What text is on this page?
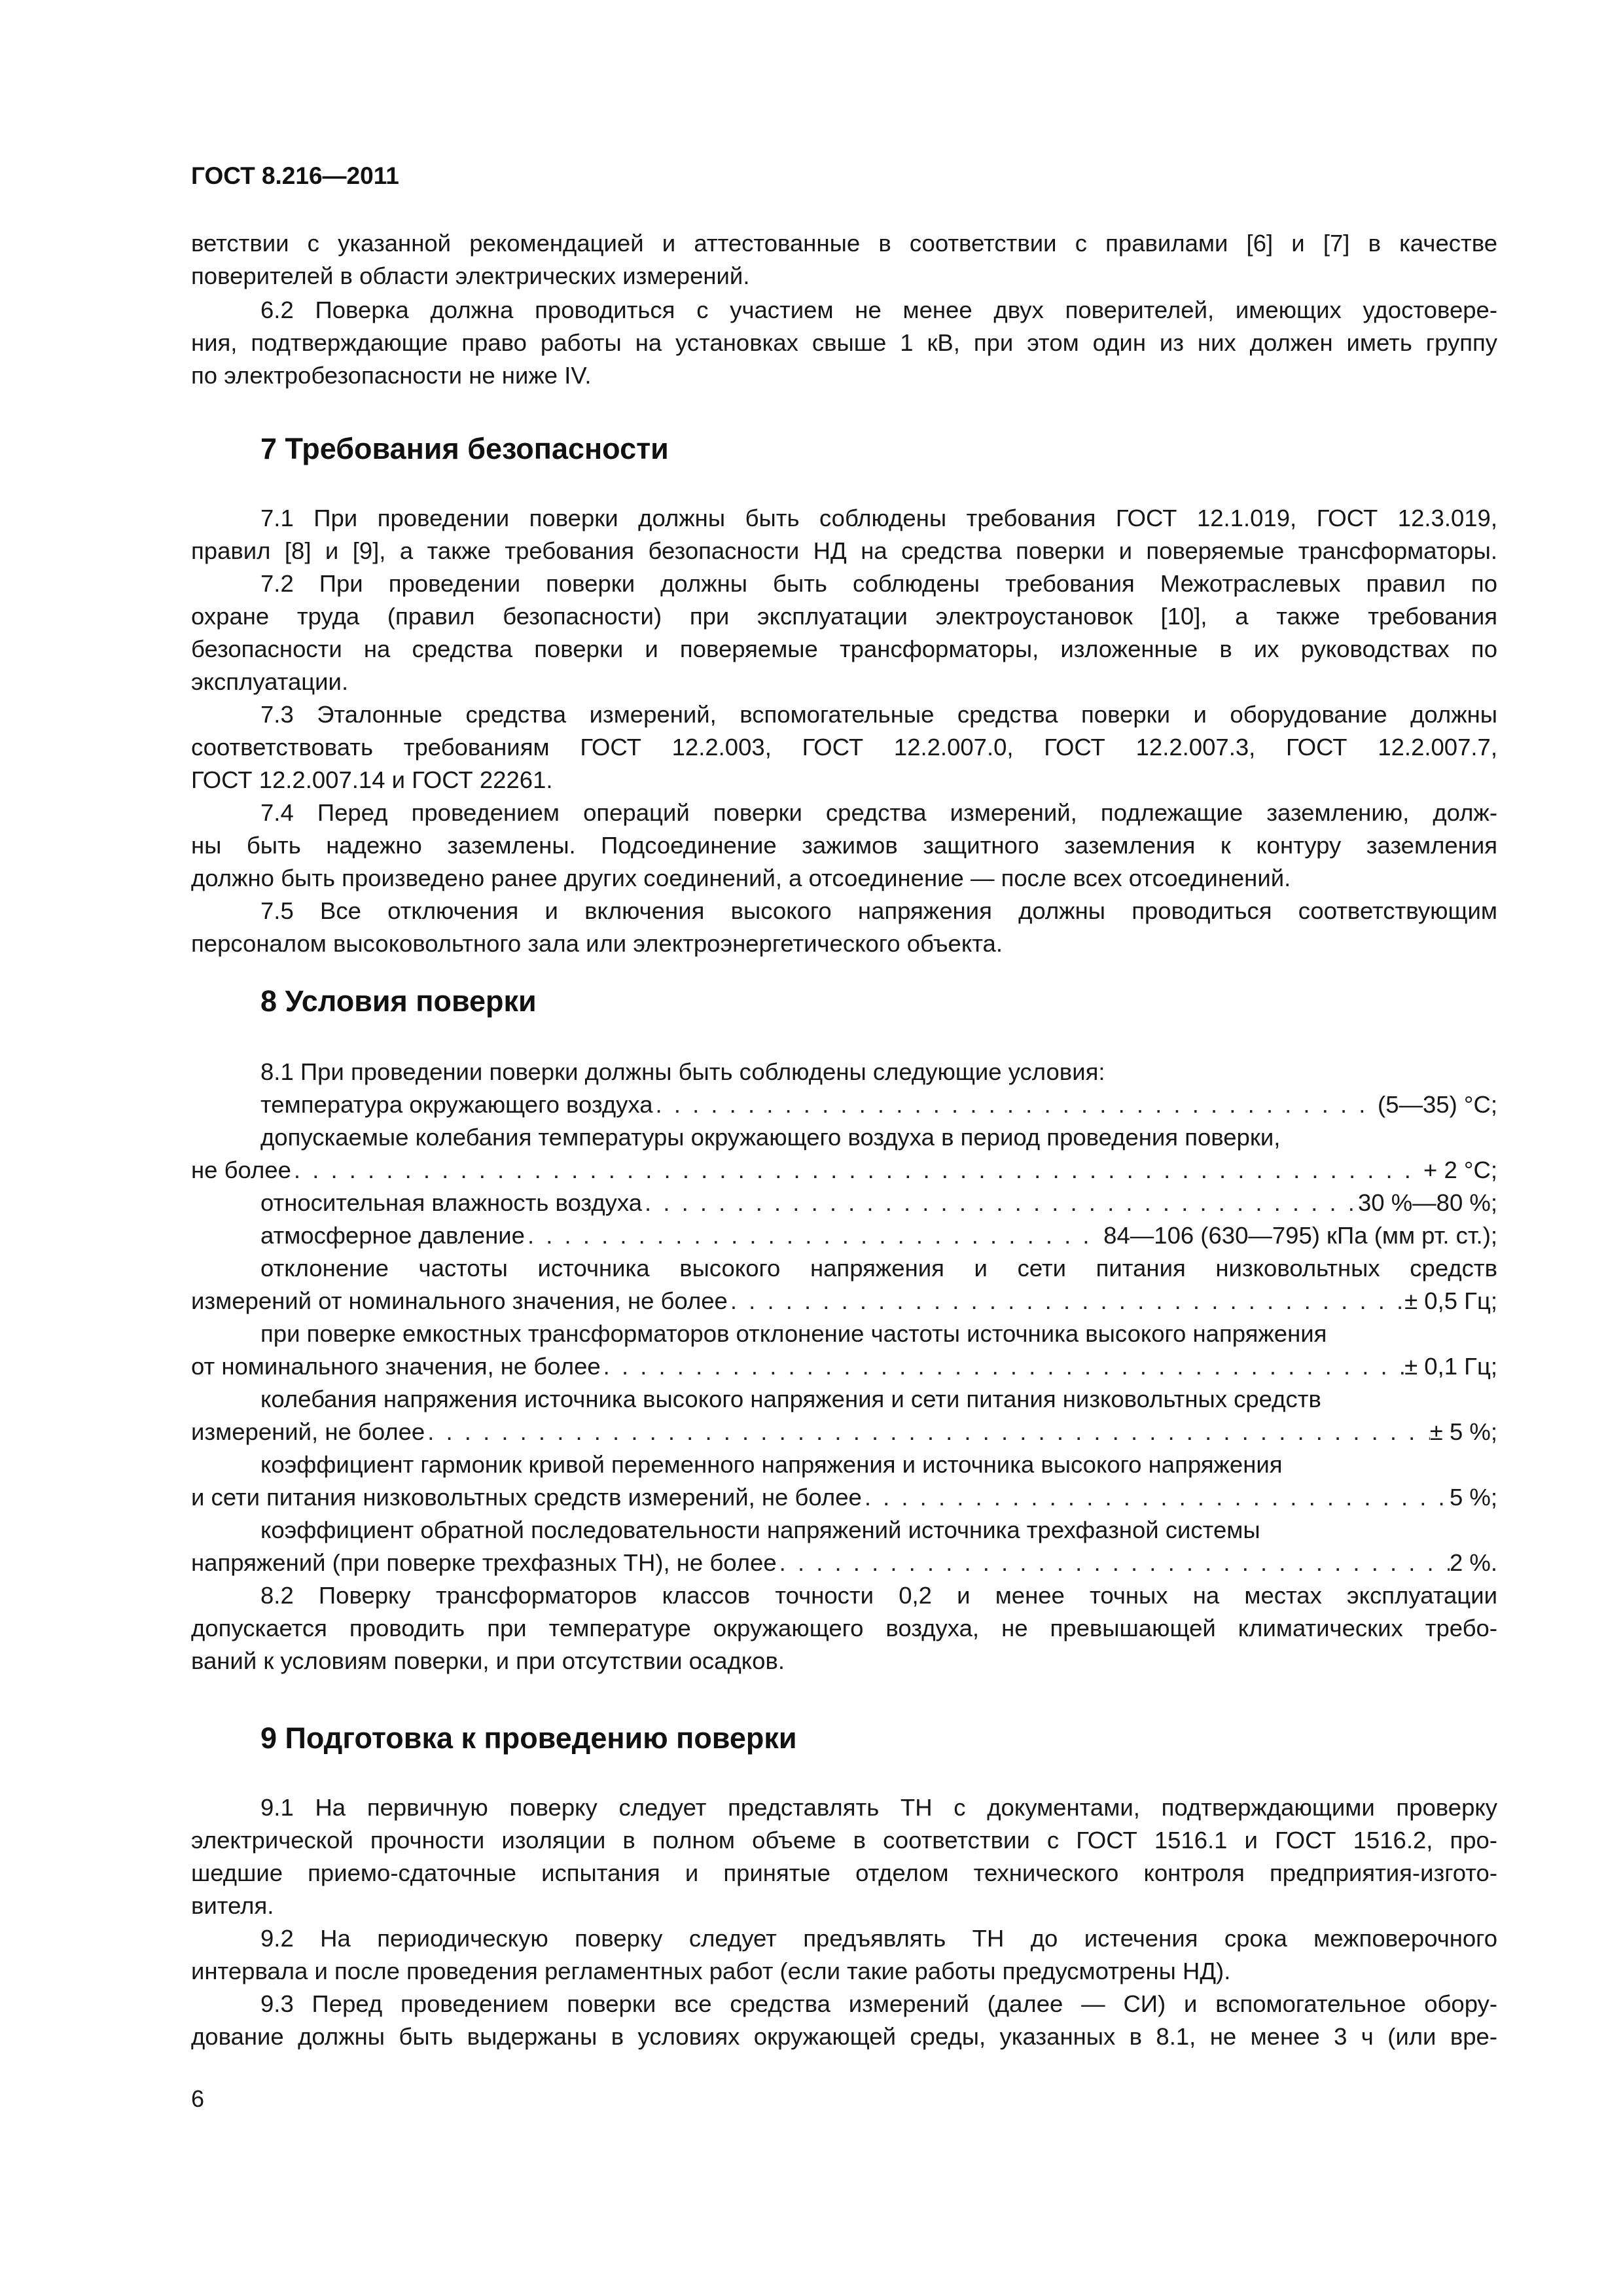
ГОСТ 8.216—2011
ветствии с указанной рекомендацией и аттестованные в соответствии с правилами [6] и [7] в качестве
поверителей в области электрических измерений.
6.2 Поверка должна проводиться с участием не менее двух поверителей, имеющих удостовере-
ния, подтверждающие право работы на установках свыше 1 кВ, при этом один из них должен иметь группу
по электробезопасности не ниже IV.
7 Требования безопасности
7.1 При проведении поверки должны быть соблюдены требования ГОСТ 12.1.019, ГОСТ 12.3.019,
правил [8] и [9], а также требования безопасности НД на средства поверки и поверяемые трансформаторы.
7.2 При проведении поверки должны быть соблюдены требования Межотраслевых правил по
охране труда (правил безопасности) при эксплуатации электроустановок [10], а также требования
безопасности на средства поверки и поверяемые трансформаторы, изложенные в их руководствах по
эксплуатации.
7.3 Эталонные средства измерений, вспомогательные средства поверки и оборудование должны
соответствовать требованиям ГОСТ 12.2.003, ГОСТ 12.2.007.0, ГОСТ 12.2.007.3, ГОСТ 12.2.007.7,
ГОСТ 12.2.007.14 и ГОСТ 22261.
7.4 Перед проведением операций поверки средства измерений, подлежащие заземлению, долж-
ны быть надежно заземлены. Подсоединение зажимов защитного заземления к контуру заземления
должно быть произведено ранее других соединений, а отсоединение — после всех отсоединений.
7.5 Все отключения и включения высокого напряжения должны проводиться соответствующим
персоналом высоковольтного зала или электроэнергетического объекта.
8 Условия поверки
8.1 При проведении поверки должны быть соблюдены следующие условия:
температура окружающего воздуха . . .	(5—35) °С;
допускаемые колебания температуры окружающего воздуха в период проведения поверки,
не более . . .	+ 2 °С;
относительная влажность воздуха . . .	30 %—80 %;
атмосферное давление . . .	84—106 (630—795) кПа (мм рт. ст.);
отклонение частоты источника высокого напряжения и сети питания низковольтных средств
измерений от номинального значения, не более . . .	± 0,5 Гц;
при поверке емкостных трансформаторов отклонение частоты источника высокого напряжения
от номинального значения, не более . . .	± 0,1 Гц;
колебания напряжения источника высокого напряжения и сети питания низковольтных средств
измерений, не более . . .	± 5 %;
коэффициент гармоник кривой переменного напряжения и источника высокого напряжения
и сети питания низковольтных средств измерений, не более . . .	5 %;
коэффициент обратной последовательности напряжений источника трехфазной системы
напряжений (при поверке трехфазных ТН), не более . . .	2 %.
8.2 Поверку трансформаторов классов точности 0,2 и менее точных на местах эксплуатации
допускается проводить при температуре окружающего воздуха, не превышающей климатических требо-
ваний к условиям поверки, и при отсутствии осадков.
9 Подготовка к проведению поверки
9.1 На первичную поверку следует представлять ТН с документами, подтверждающими проверку
электрической прочности изоляции в полном объеме в соответствии с ГОСТ 1516.1 и ГОСТ 1516.2, про-
шедшие приемо-сдаточные испытания и принятые отделом технического контроля предприятия-изгото-
вителя.
9.2 На периодическую поверку следует предъявлять ТН до истечения срока межповерочного
интервала и после проведения регламентных работ (если такие работы предусмотрены НД).
9.3 Перед проведением поверки все средства измерений (далее — СИ) и вспомогательное обору-
дование должны быть выдержаны в условиях окружающей среды, указанных в 8.1, не менее 3 ч (или вре-
6
